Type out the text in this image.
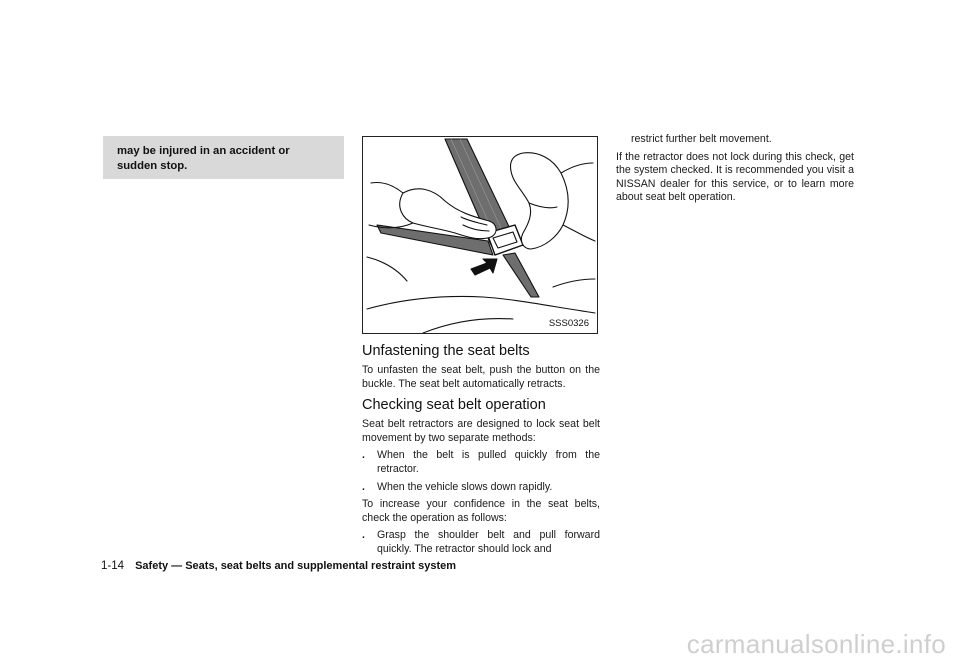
may be injured in an accident or sudden stop.
SSS0326
Unfastening the seat belts

To unfasten the seat belt, push the button on the buckle. The seat belt automatically retracts.

Checking seat belt operation

Seat belt retractors are designed to lock seat belt movement by two separate methods:

. When the belt is pulled quickly from the retractor.
. When the vehicle slows down rapidly.

To increase your confidence in the seat belts, check the operation as follows:

. Grasp the shoulder belt and pull forward quickly. The retractor should lock and

restrict further belt movement.

If the retractor does not lock during this check, get the system checked. It is recommended you visit a NISSAN dealer for this service, or to learn more about seat belt operation.

1-14 Safety — Seats, seat belts and supplemental restraint system
carmanualsonline.info
